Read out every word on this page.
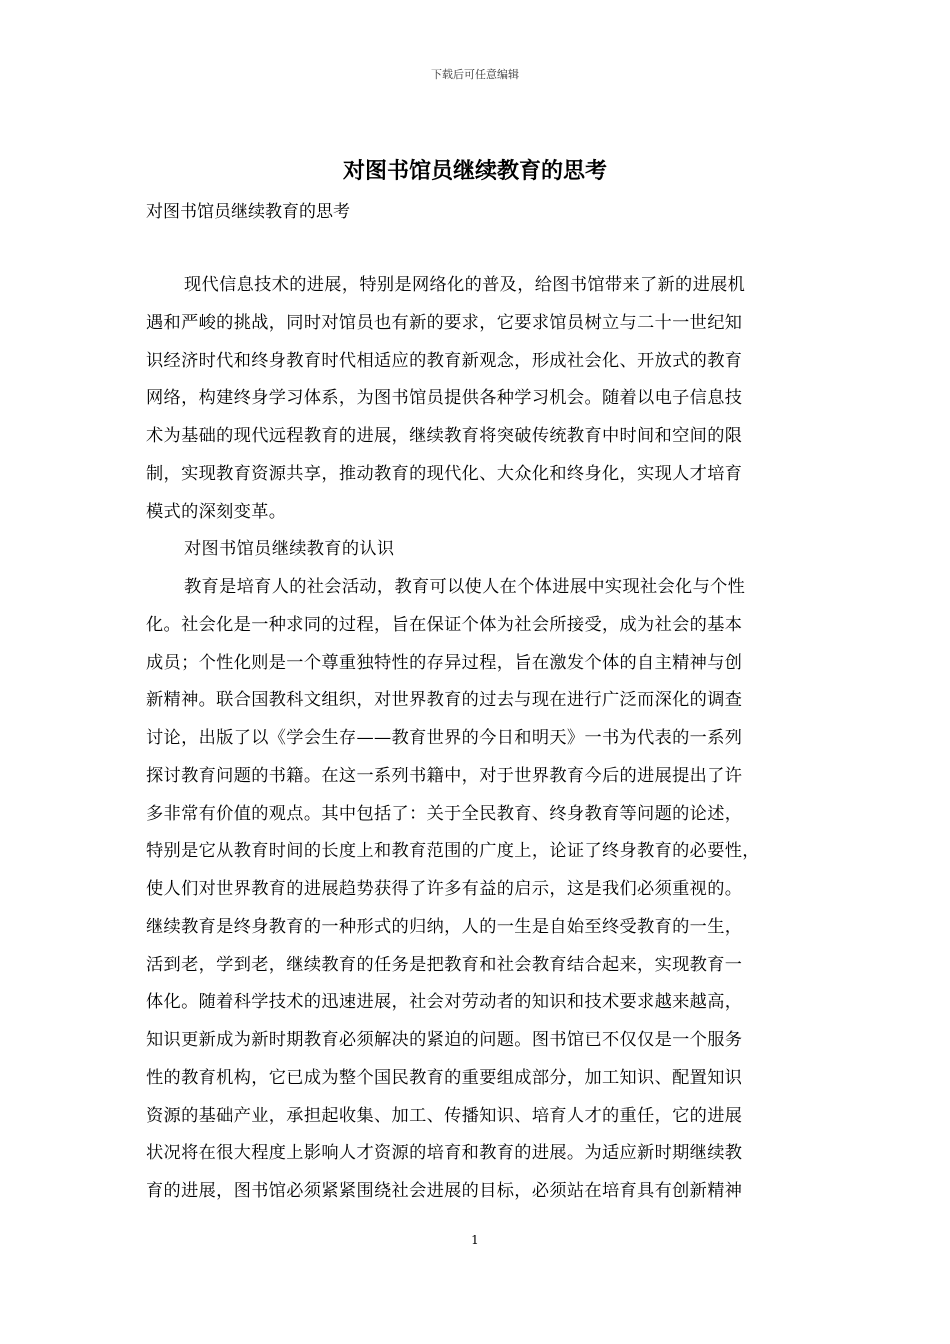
下载后可任意编辑
对图书馆员继续教育的思考

对图书馆员继续教育的思考

现代信息技术的进展，特别是网络化的普及，给图书馆带来了新的进展机
遇和严峻的挑战，同时对馆员也有新的要求，它要求馆员树立与二十一世纪知
识经济时代和终身教育时代相适应的教育新观念，形成社会化、开放式的教育
网络，构建终身学习体系，为图书馆员提供各种学习机会。随着以电子信息技
术为基础的现代远程教育的进展，继续教育将突破传统教育中时间和空间的限
制，实现教育资源共享，推动教育的现代化、大众化和终身化，实现人才培育
模式的深刻变革。
对图书馆员继续教育的认识
教育是培育人的社会活动，教育可以使人在个体进展中实现社会化与个性
化。社会化是一种求同的过程，旨在保证个体为社会所接受，成为社会的基本
成员；个性化则是一个尊重独特性的存异过程，旨在激发个体的自主精神与创
新精神。联合国教科文组织，对世界教育的过去与现在进行广泛而深化的调查
讨论，出版了以《学会生存——教育世界的今日和明天》一书为代表的一系列
探讨教育问题的书籍。在这一系列书籍中，对于世界教育今后的进展提出了许
多非常有价值的观点。其中包括了：关于全民教育、终身教育等问题的论述，
特别是它从教育时间的长度上和教育范围的广度上，论证了终身教育的必要性，
使人们对世界教育的进展趋势获得了许多有益的启示，这是我们必须重视的。
继续教育是终身教育的一种形式的归纳，人的一生是自始至终受教育的一生，
活到老，学到老，继续教育的任务是把教育和社会教育结合起来，实现教育一
体化。随着科学技术的迅速进展，社会对劳动者的知识和技术要求越来越高，
知识更新成为新时期教育必须解决的紧迫的问题。图书馆已不仅仅是一个服务
性的教育机构，它已成为整个国民教育的重要组成部分，加工知识、配置知识
资源的基础产业，承担起收集、加工、传播知识、培育人才的重任，它的进展
状况将在很大程度上影响人才资源的培育和教育的进展。为适应新时期继续教
育的进展，图书馆必须紧紧围绕社会进展的目标，必须站在培育具有创新精神
1
